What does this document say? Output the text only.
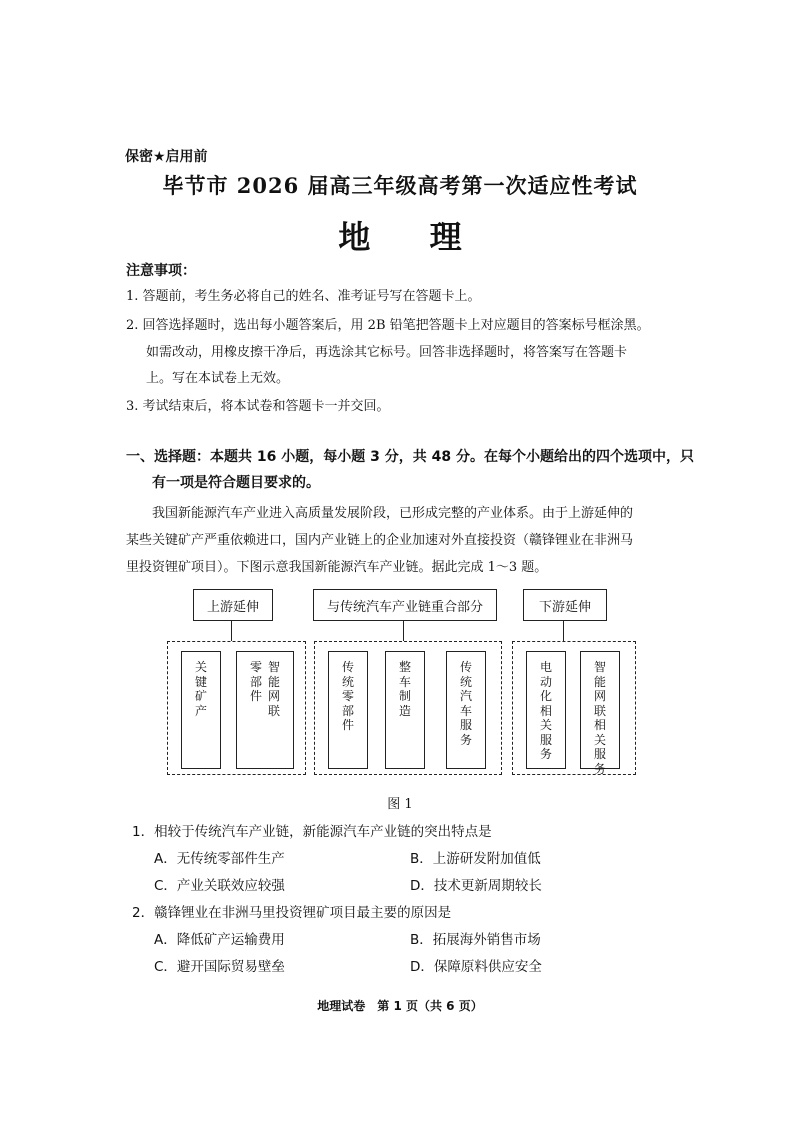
保密★启用前
毕节市 2026 届高三年级高考第一次适应性考试
地 理
注意事项：
1. 答题前，考生务必将自己的姓名、准考证号写在答题卡上。
2. 回答选择题时，选出每小题答案后，用 2B 铅笔把答题卡上对应题目的答案标号框涂黑。
如需改动，用橡皮擦干净后，再选涂其它标号。回答非选择题时，将答案写在答题卡
上。写在本试卷上无效。
3. 考试结束后，将本试卷和答题卡一并交回。
一、选择题：本题共 16 小题，每小题 3 分，共 48 分。在每个小题给出的四个选项中，只
有一项是符合题目要求的。
我国新能源汽车产业进入高质量发展阶段，已形成完整的产业体系。由于上游延伸的
某些关键矿产严重依赖进口，国内产业链上的企业加速对外直接投资（赣锋锂业在非洲马
里投资锂矿项目）。下图示意我国新能源汽车产业链。据此完成 1～3 题。
上游延伸	与传统汽车产业链重合部分	下游延伸
关
键
矿
产
智
能
网
联
零
部
件
传
统
零
部
件
整
车
制
造
传
统
汽
车
服
务
电
动
化
相
关
服
务
智
能
网
联
相
关
服
务
图 1
1．相较于传统汽车产业链，新能源汽车产业链的突出特点是
A．无传统零部件生产	B．上游研发附加值低
C．产业关联效应较强	D．技术更新周期较长
2．赣锋锂业在非洲马里投资锂矿项目最主要的原因是
A．降低矿产运输费用	B．拓展海外销售市场
C．避开国际贸易壁垒	D．保障原料供应安全
地理试卷　第 1 页（共 6 页）
